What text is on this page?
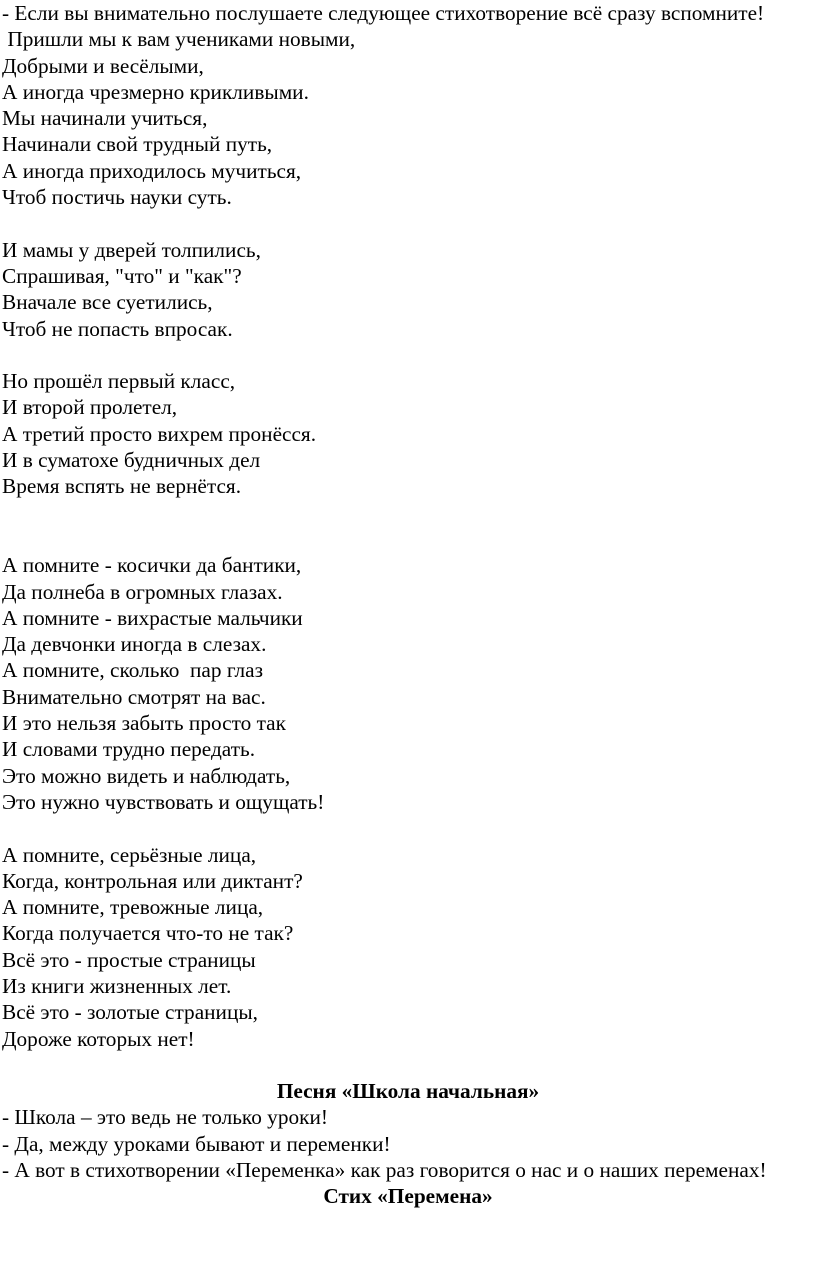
- Если вы внимательно послушаете следующее стихотворение всё сразу вспомните!
Пришли мы к вам учениками новыми,
Добрыми и весёлыми,
А иногда чрезмерно крикливыми.
Мы начинали учиться,
Начинали свой трудный путь,
А иногда приходилось мучиться,
Чтоб постичь науки суть.
И мамы у дверей толпились,
Спрашивая, "что" и "как"?
Вначале все суетились,
Чтоб не попасть впросак.
Но прошёл первый класс,
И второй пролетел,
А третий просто вихрем пронёсся.
И в суматохе будничных дел
Время вспять не вернётся.
А помните - косички да бантики,
Да полнеба в огромных глазах.
А помните - вихрастые мальчики
Да девчонки иногда в слезах.
А помните, сколько  пар глаз
Внимательно смотрят на вас.
И это нельзя забыть просто так
И словами трудно передать.
Это можно видеть и наблюдать,
Это нужно чувствовать и ощущать!
А помните, серьёзные лица,
Когда, контрольная или диктант?
А помните, тревожные лица,
Когда получается что-то не так?
Всё это - простые страницы
Из книги жизненных лет.
Всё это - золотые страницы,
Дороже которых нет!
Песня «Школа начальная»
- Школа – это ведь не только уроки!
- Да, между уроками бывают и переменки!
- А вот в стихотворении «Переменка» как раз говорится о нас и о наших переменах!
Стих «Перемена»
